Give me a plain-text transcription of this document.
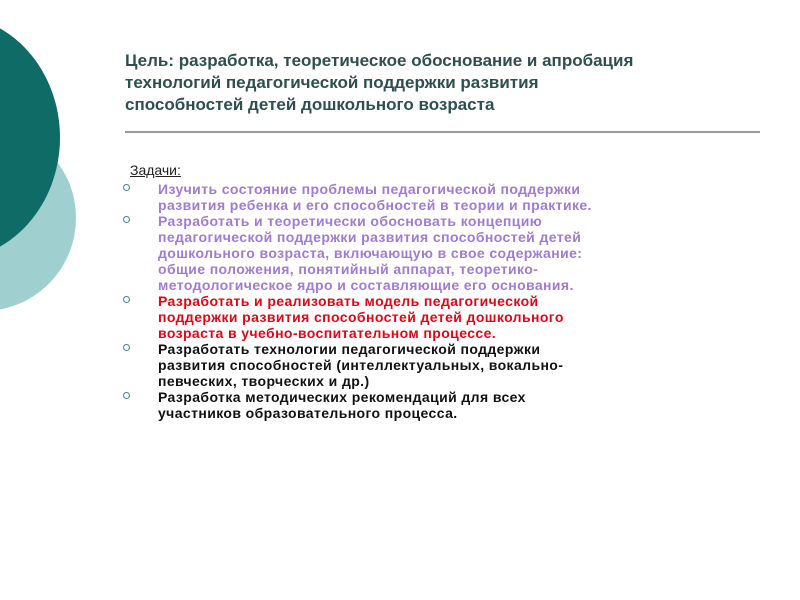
Цель: разработка, теоретическое обоснование и апробация
технологий педагогической поддержки развития
способностей детей дошкольного возраста
Задачи:
Изучить состояние проблемы педагогической поддержки
развития ребенка и его способностей в теории и практике.
Разработать и теоретически обосновать концепцию
педагогической поддержки развития способностей детей
дошкольного возраста, включающую в свое содержание:
общие положения, понятийный аппарат, теоретико-
методологическое ядро и составляющие его основания.
Разработать и реализовать модель педагогической
поддержки развития способностей детей дошкольного
возраста в учебно-воспитательном процессе.
Разработать технологии педагогической поддержки
развития способностей (интеллектуальных, вокально-
певческих, творческих и др.)
Разработка методических рекомендаций для всех
участников образовательного процесса.
